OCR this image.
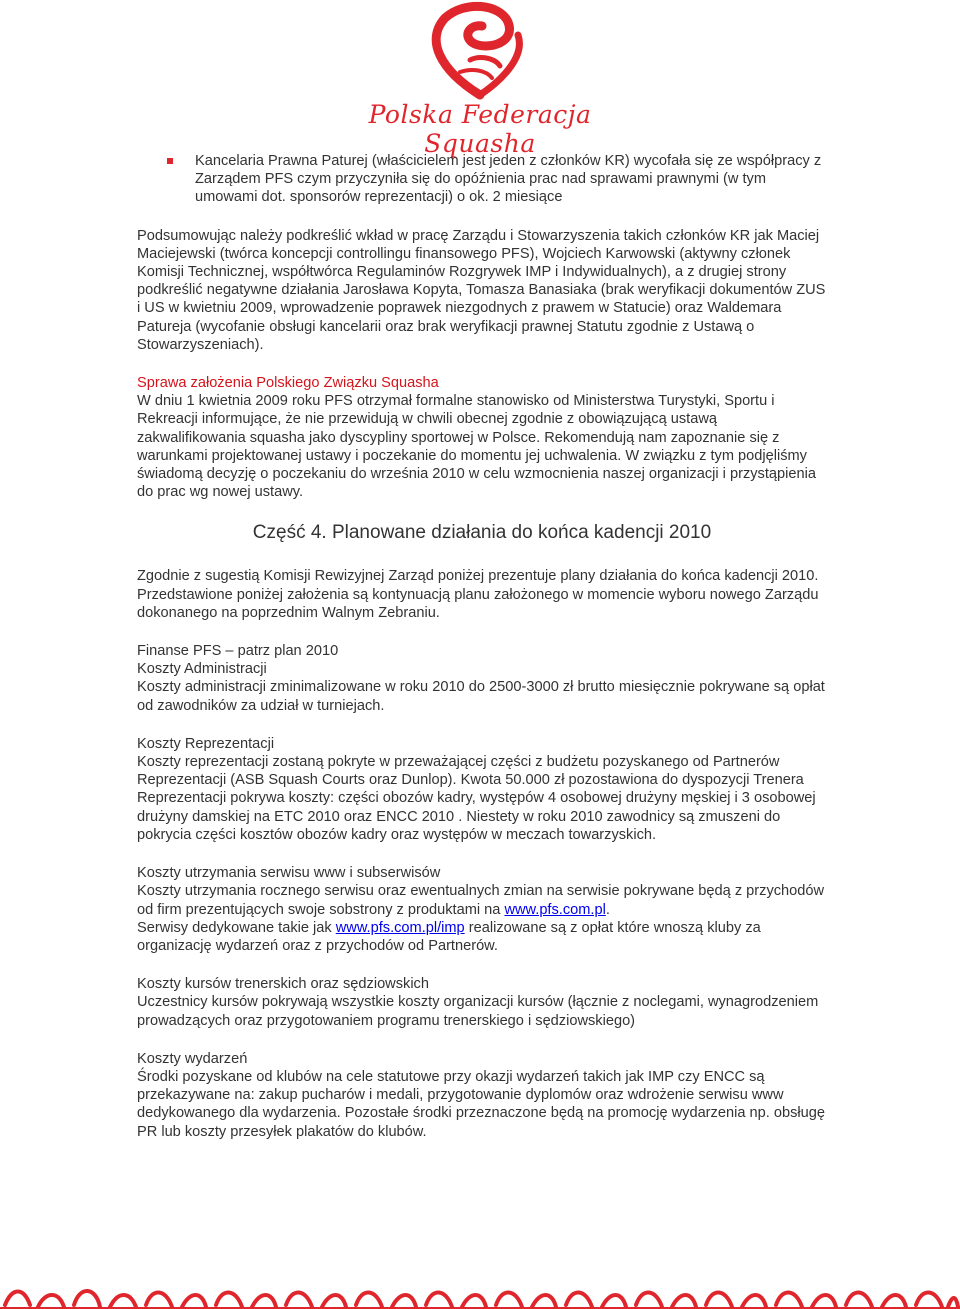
Polska Federacja Squasha

Kancelaria Prawna Paturej (właścicielem jest jeden z członków KR) wycofała się ze współpracy z Zarządem PFS czym przyczyniła się do opóźnienia prac nad sprawami prawnymi (w tym umowami dot. sponsorów reprezentacji) o ok. 2 miesiące

Podsumowując należy podkreślić wkład w pracę Zarządu i Stowarzyszenia takich członków KR jak Maciej Maciejewski (twórca koncepcji controllingu finansowego PFS), Wojciech Karwowski (aktywny członek Komisji Technicznej, współtwórca Regulaminów Rozgrywek IMP i Indywidualnych), a z drugiej strony podkreślić negatywne działania Jarosława Kopyta, Tomasza Banasiaka (brak weryfikacji dokumentów ZUS i US w kwietniu 2009, wprowadzenie poprawek niezgodnych z prawem w Statucie) oraz Waldemara Patureja (wycofanie obsługi kancelarii oraz brak weryfikacji prawnej Statutu zgodnie z Ustawą o Stowarzyszeniach).

Sprawa założenia Polskiego Związku Squasha

W dniu 1 kwietnia 2009 roku PFS otrzymał formalne stanowisko od Ministerstwa Turystyki, Sportu i Rekreacji informujące, że nie przewidują w chwili obecnej zgodnie z obowiązującą ustawą zakwalifikowania squasha jako dyscypliny sportowej w Polsce. Rekomendują nam zapoznanie się z warunkami projektowanej ustawy i poczekanie do momentu jej uchwalenia. W związku z tym podjęliśmy świadomą decyzję o poczekaniu do września 2010 w celu wzmocnienia naszej organizacji i przystąpienia do prac wg nowej ustawy.

Część 4. Planowane działania do końca kadencji 2010

Zgodnie z sugestią Komisji Rewizyjnej Zarząd poniżej prezentuje plany działania do końca kadencji 2010. Przedstawione poniżej założenia są kontynuacją planu założonego w momencie wyboru nowego Zarządu dokonanego na poprzednim Walnym Zebraniu.

Finanse PFS – patrz plan 2010

Koszty Administracji

Koszty administracji zminimalizowane w roku 2010 do 2500-3000 zł brutto miesięcznie pokrywane są opłat od zawodników za udział w turniejach.

Koszty Reprezentacji

Koszty reprezentacji zostaną pokryte w przeważającej części z budżetu pozyskanego od Partnerów Reprezentacji (ASB Squash Courts oraz Dunlop). Kwota 50.000 zł pozostawiona do dyspozycji Trenera Reprezentacji pokrywa koszty: części obozów kadry, występów 4 osobowej drużyny męskiej i 3 osobowej drużyny damskiej na ETC 2010 oraz ENCC 2010 . Niestety w roku 2010 zawodnicy są zmuszeni do pokrycia części kosztów obozów kadry oraz występów w meczach towarzyskich.

Koszty utrzymania serwisu www i subserwisów

Koszty utrzymania rocznego serwisu oraz ewentualnych zmian na serwisie pokrywane będą z przychodów od firm prezentujących swoje sobstrony z produktami na www.pfs.com.pl.

Serwisy dedykowane takie jak www.pfs.com.pl/imp realizowane są z opłat które wnoszą kluby za organizację wydarzeń oraz z przychodów od Partnerów.

Koszty kursów trenerskich oraz sędziowskich

Uczestnicy kursów pokrywają wszystkie koszty organizacji kursów (łącznie z noclegami, wynagrodzeniem prowadzących oraz przygotowaniem programu trenerskiego i sędziowskiego)

Koszty wydarzeń

Środki pozyskane od klubów na cele statutowe przy okazji wydarzeń takich jak IMP czy ENCC są przekazywane na: zakup pucharów i medali, przygotowanie dyplomów oraz wdrożenie serwisu www dedykowanego dla wydarzenia. Pozostałe środki przeznaczone będą na promocję wydarzenia np. obsługę PR lub koszty przesyłek plakatów do klubów.
